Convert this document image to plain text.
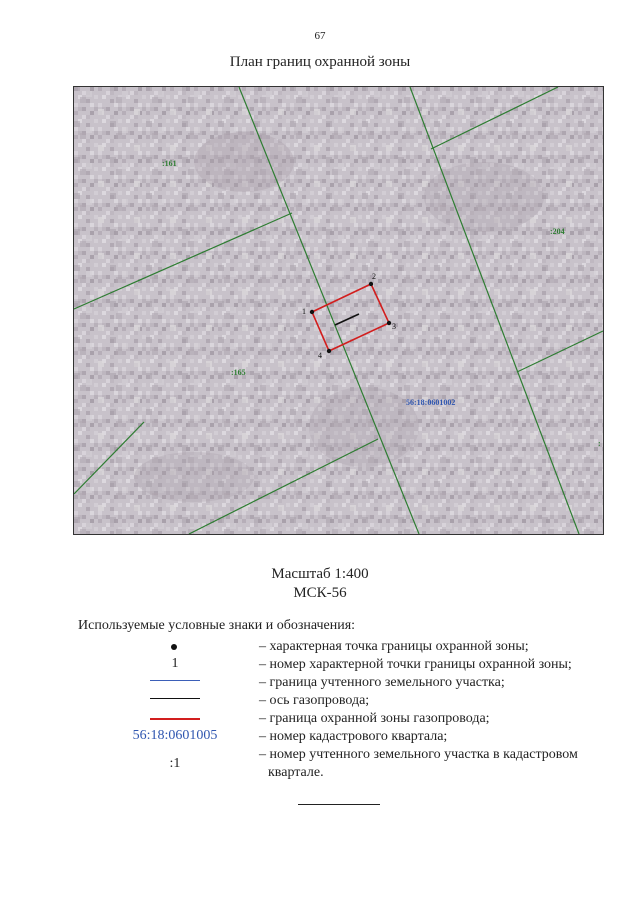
67
План границ охранной зоны
1
2
3
4
:161
:204
:165
:
56:18:0601002
Масштаб 1:400
МСК-56
Используемые условные знаки и обозначения:
– характерная точка границы охранной зоны;
1	– номер характерной точки границы охранной зоны;
– граница учтенного земельного участка;
– ось газопровода;
– граница охранной зоны газопровода;
56:18:0601005	– номер кадастрового квартала;
:1
– номер учтенного земельного участка в кадастровом
квартале.
